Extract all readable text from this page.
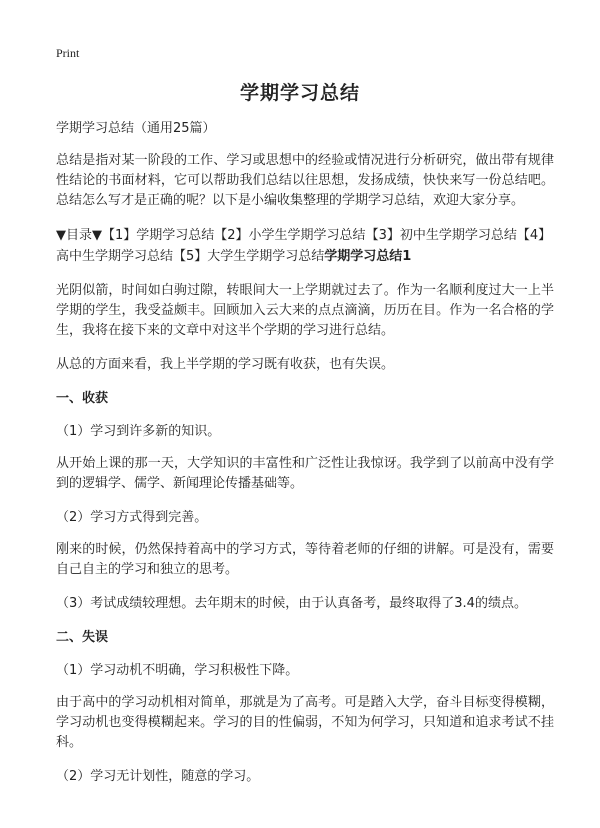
Print
学期学习总结

学期学习总结（通用25篇）

总结是指对某一阶段的工作、学习或思想中的经验或情况进行分析研究，做出带有规律性结论的书面材料，它可以帮助我们总结以往思想，发扬成绩，快快来写一份总结吧。总结怎么写才是正确的呢？以下是小编收集整理的学期学习总结，欢迎大家分享。

▼目录▼【1】学期学习总结【2】小学生学期学习总结【3】初中生学期学习总结【4】高中生学期学习总结【5】大学生学期学习总结学期学习总结1

光阴似箭，时间如白驹过隙，转眼间大一上学期就过去了。作为一名顺利度过大一上半学期的学生，我受益颇丰。回顾加入云大来的点点滴滴，历历在目。作为一名合格的学生，我将在接下来的文章中对这半个学期的学习进行总结。

从总的方面来看，我上半学期的学习既有收获，也有失误。

一、收获

（1）学习到许多新的知识。

从开始上课的那一天，大学知识的丰富性和广泛性让我惊讶。我学到了以前高中没有学到的逻辑学、儒学、新闻理论传播基础等。

（2）学习方式得到完善。

刚来的时候，仍然保持着高中的学习方式，等待着老师的仔细的讲解。可是没有，需要自己自主的学习和独立的思考。

（3）考试成绩较理想。去年期末的时候，由于认真备考，最终取得了3.4的绩点。

二、失误

（1）学习动机不明确，学习积极性下降。

由于高中的学习动机相对简单，那就是为了高考。可是踏入大学，奋斗目标变得模糊，学习动机也变得模糊起来。学习的目的性偏弱，不知为何学习，只知道和追求考试不挂科。

（2）学习无计划性，随意的学习。
